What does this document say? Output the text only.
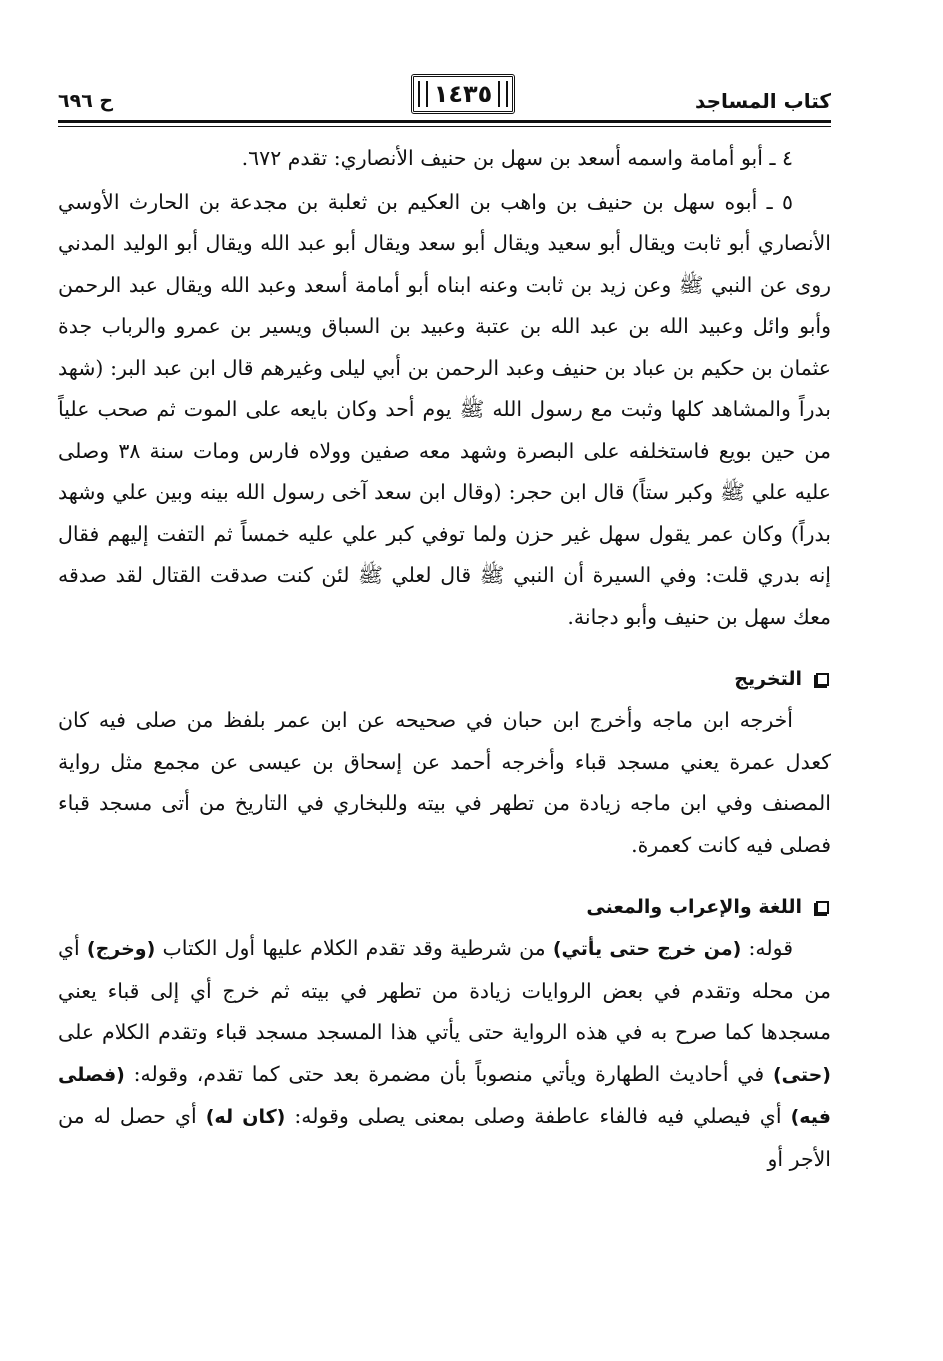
كتاب المساجد
١٤٣٥
ح ٦٩٦

٤ ـ أبو أمامة واسمه أسعد بن سهل بن حنيف الأنصاري: تقدم ٦٧٢.

٥ ـ أبوه سهل بن حنيف بن واهب بن العكيم بن ثعلبة بن مجدعة بن الحارث الأوسي الأنصاري أبو ثابت ويقال أبو سعيد ويقال أبو سعد ويقال أبو عبد الله ويقال أبو الوليد المدني روى عن النبي ﷺ وعن زيد بن ثابت وعنه ابناه أبو أمامة أسعد وعبد الله ويقال عبد الرحمن وأبو وائل وعبيد الله بن عبد الله بن عتبة وعبيد بن السباق ويسير بن عمرو والرباب جدة عثمان بن حكيم بن عباد بن حنيف وعبد الرحمن بن أبي ليلى وغيرهم قال ابن عبد البر: (شهد بدراً والمشاهد كلها وثبت مع رسول الله ﷺ يوم أحد وكان بايعه على الموت ثم صحب علياً من حين بويع فاستخلفه على البصرة وشهد معه صفين وولاه فارس ومات سنة ٣٨ وصلى عليه علي ﷺ وكبر ستاً) قال ابن حجر: (وقال ابن سعد آخى رسول الله بينه وبين علي وشهد بدراً) وكان عمر يقول سهل غير حزن ولما توفي كبر علي عليه خمساً ثم التفت إليهم فقال إنه بدري قلت: وفي السيرة أن النبي ﷺ قال لعلي ﷺ لئن كنت صدقت القتال لقد صدقه معك سهل بن حنيف وأبو دجانة.

التخريج

أخرجه ابن ماجه وأخرج ابن حبان في صحيحه عن ابن عمر بلفظ من صلى فيه كان كعدل عمرة يعني مسجد قباء وأخرجه أحمد عن إسحاق بن عيسى عن مجمع مثل رواية المصنف وفي ابن ماجه زيادة من تطهر في بيته وللبخاري في التاريخ من أتى مسجد قباء فصلى فيه كانت كعمرة.

اللغة والإعراب والمعنى

قوله: (من خرج حتى يأتي) من شرطية وقد تقدم الكلام عليها أول الكتاب (وخرج) أي من محله وتقدم في بعض الروايات زيادة من تطهر في بيته ثم خرج أي إلى قباء يعني مسجدها كما صرح به في هذه الرواية حتى يأتي هذا المسجد مسجد قباء وتقدم الكلام على (حتى) في أحاديث الطهارة ويأتي منصوباً بأن مضمرة بعد حتى كما تقدم، وقوله: (فصلى فيه) أي فيصلي فيه فالفاء عاطفة وصلى بمعنى يصلى وقوله: (كان له) أي حصل له من الأجر أو
